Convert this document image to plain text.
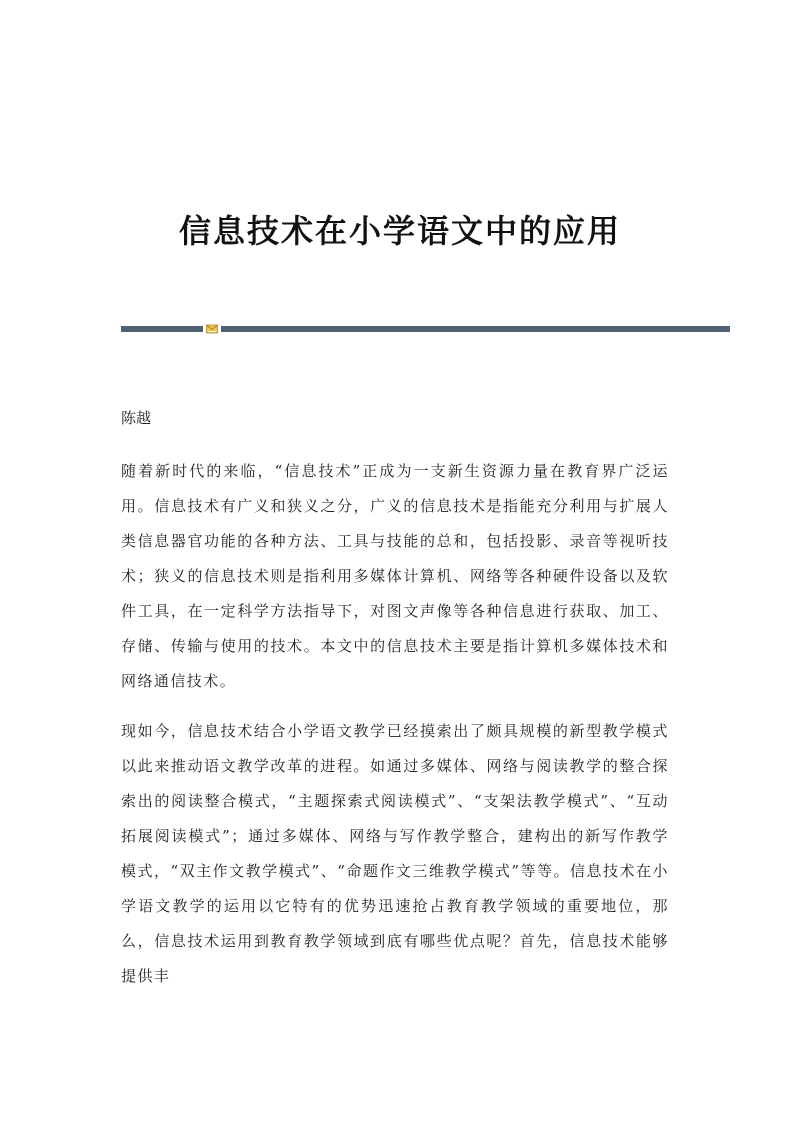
信息技术在小学语文中的应用
陈越

随着新时代的来临，“信息技术”正成为一支新生资源力量在教育界广泛运用。信息技术有广义和狭义之分，广义的信息技术是指能充分利用与扩展人类信息器官功能的各种方法、工具与技能的总和，包括投影、录音等视听技术；狭义的信息技术则是指利用多媒体计算机、网络等各种硬件设备以及软件工具，在一定科学方法指导下，对图文声像等各种信息进行获取、加工、存储、传输与使用的技术。本文中的信息技术主要是指计算机多媒体技术和网络通信技术。

现如今，信息技术结合小学语文教学已经摸索出了颇具规模的新型教学模式以此来推动语文教学改革的进程。如通过多媒体、网络与阅读教学的整合探索出的阅读整合模式，“主题探索式阅读模式”、“支架法教学模式”、“互动拓展阅读模式”；通过多媒体、网络与写作教学整合，建构出的新写作教学模式，“双主作文教学模式”、“命题作文三维教学模式”等等。信息技术在小学语文教学的运用以它特有的优势迅速抢占教育教学领域的重要地位，那么，信息技术运用到教育教学领域到底有哪些优点呢？首先，信息技术能够提供丰
